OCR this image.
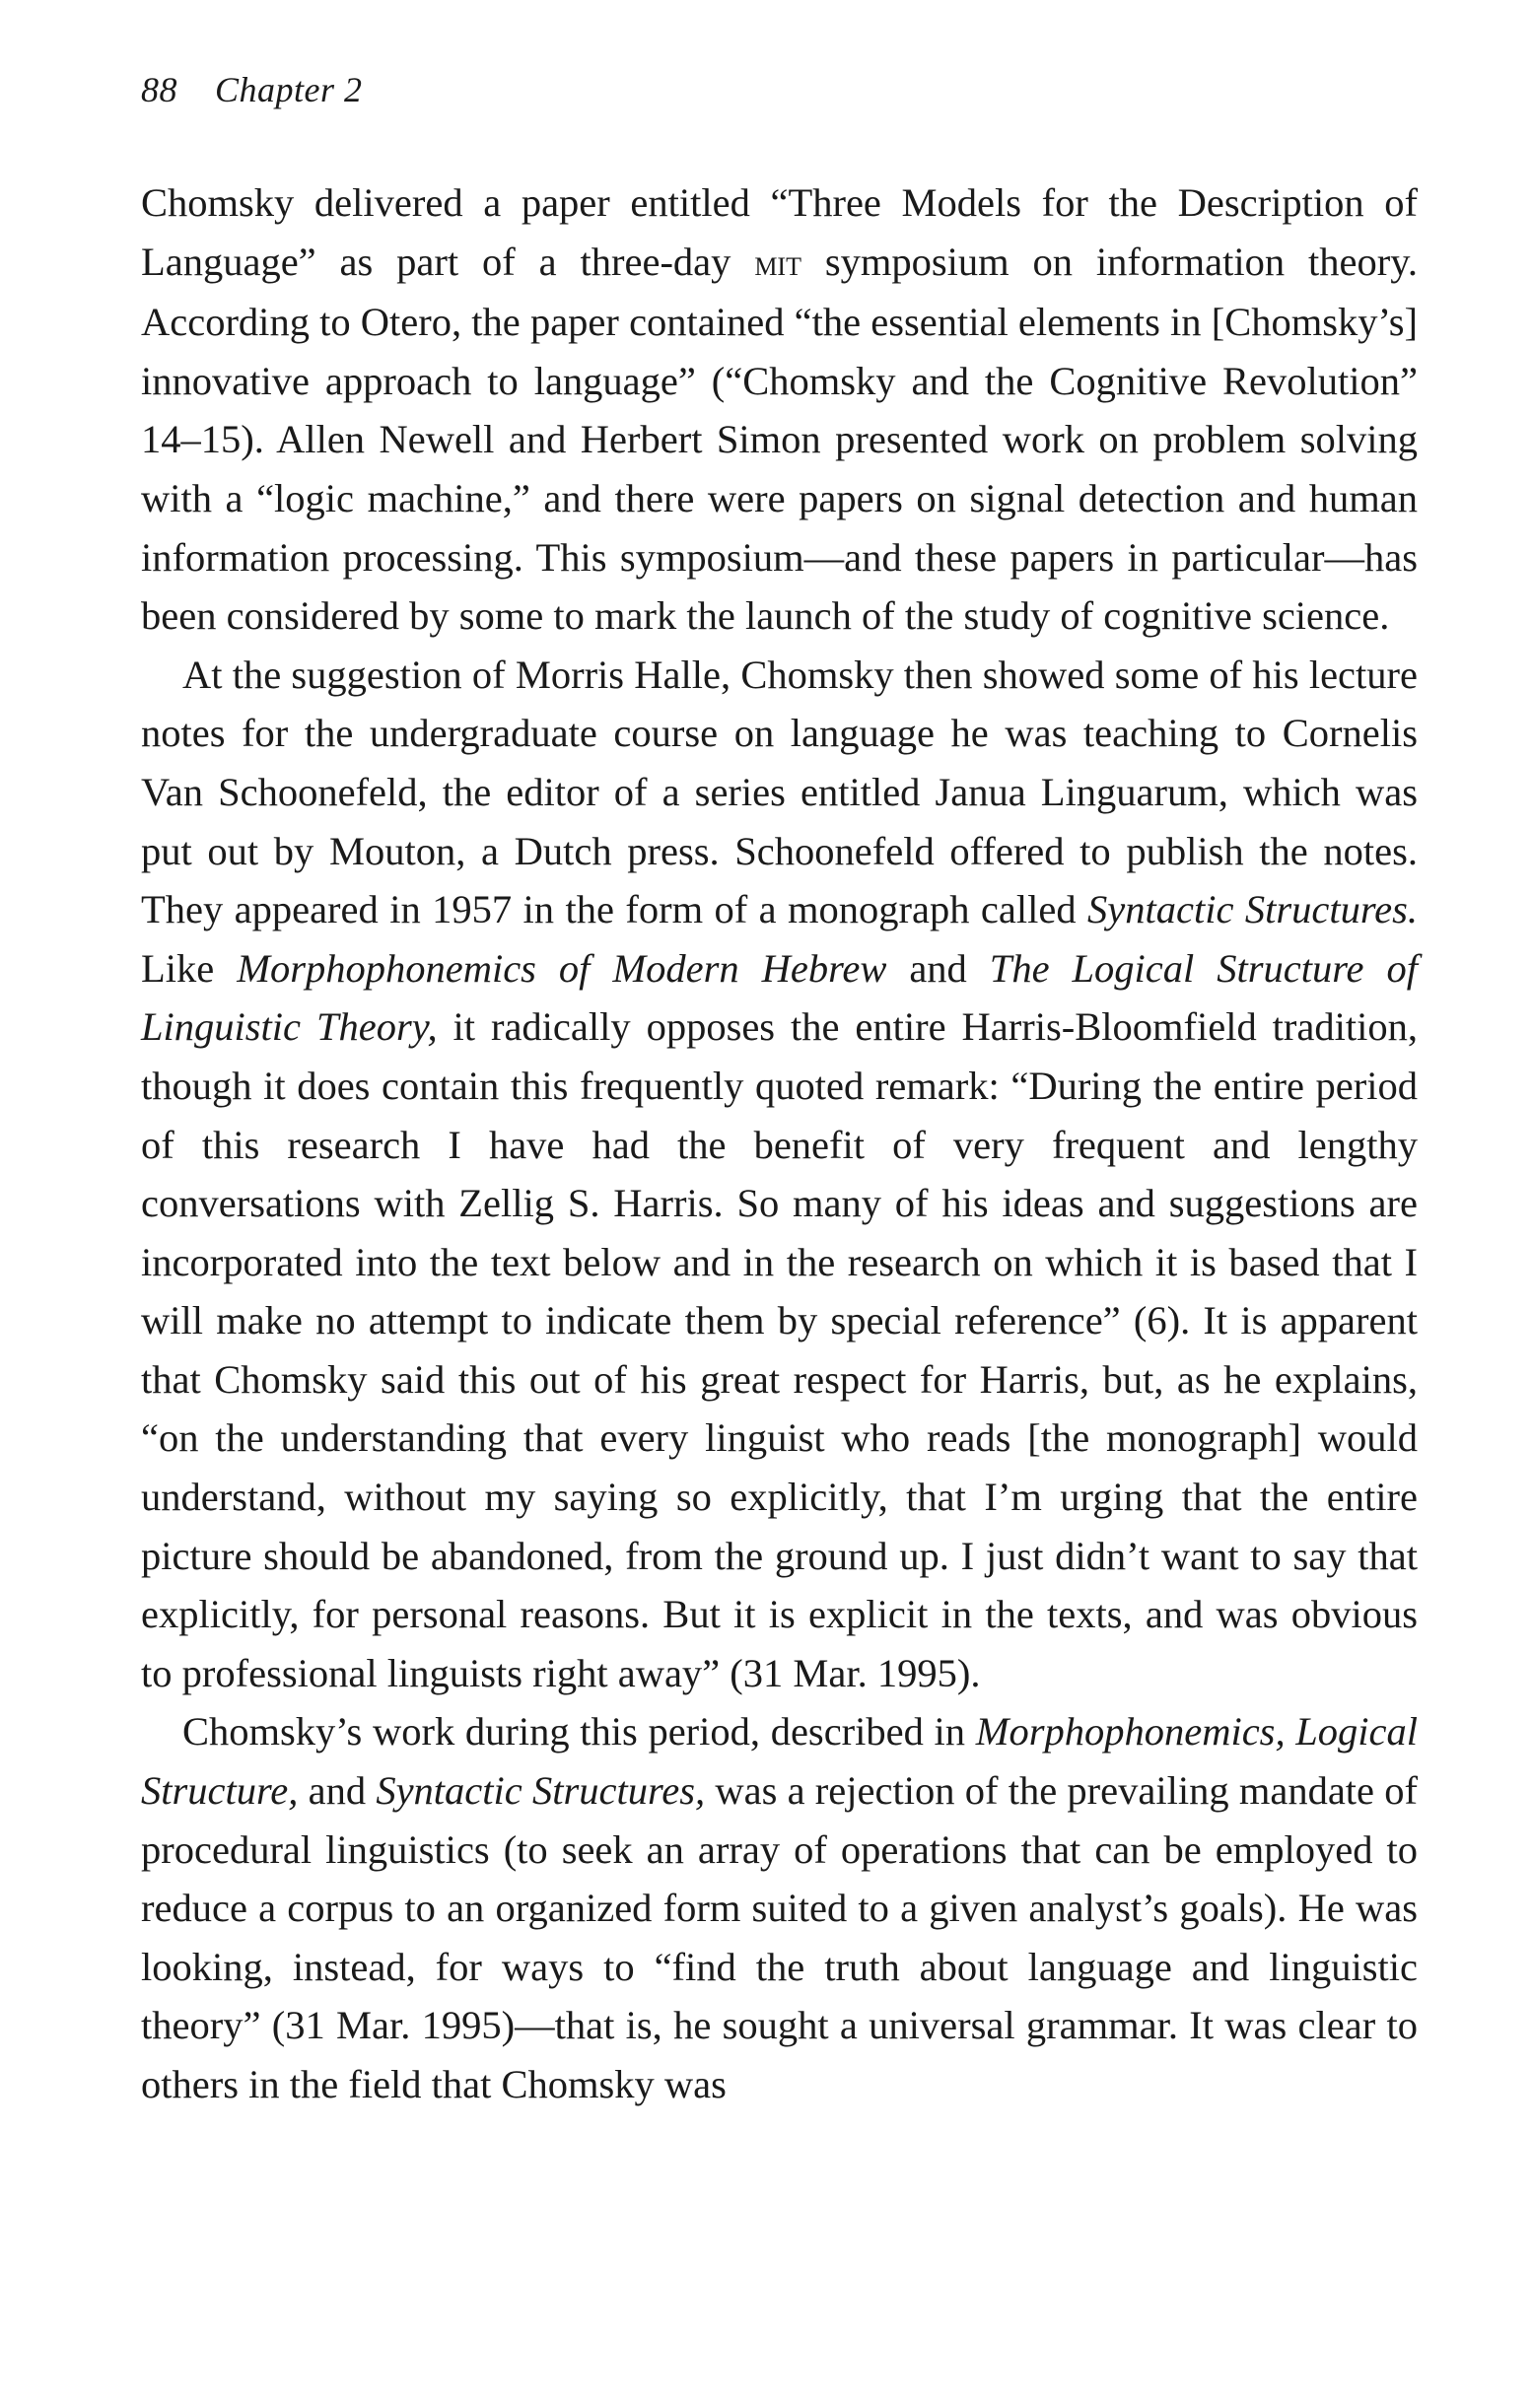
88 Chapter 2

Chomsky delivered a paper entitled “Three Models for the Description of Language” as part of a three-day mit symposium on information theory. According to Otero, the paper contained “the essential elements in [Chomsky’s] innovative approach to language” (“Chomsky and the Cognitive Revolution” 14–15). Allen Newell and Herbert Simon presented work on problem solving with a “logic machine,” and there were papers on signal detection and human information processing. This symposium—and these papers in particular—has been considered by some to mark the launch of the study of cognitive science.

At the suggestion of Morris Halle, Chomsky then showed some of his lecture notes for the undergraduate course on language he was teaching to Cornelis Van Schoonefeld, the editor of a series entitled Janua Linguarum, which was put out by Mouton, a Dutch press. Schoonefeld offered to publish the notes. They appeared in 1957 in the form of a monograph called Syntactic Structures. Like Morphophonemics of Modern Hebrew and The Logical Structure of Linguistic Theory, it radically opposes the entire Harris-Bloomfield tradition, though it does contain this frequently quoted remark: “During the entire period of this research I have had the benefit of very frequent and lengthy conversations with Zellig S. Harris. So many of his ideas and suggestions are incorporated into the text below and in the research on which it is based that I will make no attempt to indicate them by special reference” (6). It is apparent that Chomsky said this out of his great respect for Harris, but, as he explains, “on the understanding that every linguist who reads [the monograph] would understand, without my saying so explicitly, that I’m urging that the entire picture should be abandoned, from the ground up. I just didn’t want to say that explicitly, for personal reasons. But it is explicit in the texts, and was obvious to professional linguists right away” (31 Mar. 1995).

Chomsky’s work during this period, described in Morphophonemics, Logical Structure, and Syntactic Structures, was a rejection of the prevailing mandate of procedural linguistics (to seek an array of operations that can be employed to reduce a corpus to an organized form suited to a given analyst’s goals). He was looking, instead, for ways to “find the truth about language and linguistic theory” (31 Mar. 1995)—that is, he sought a universal grammar. It was clear to others in the field that Chomsky was
